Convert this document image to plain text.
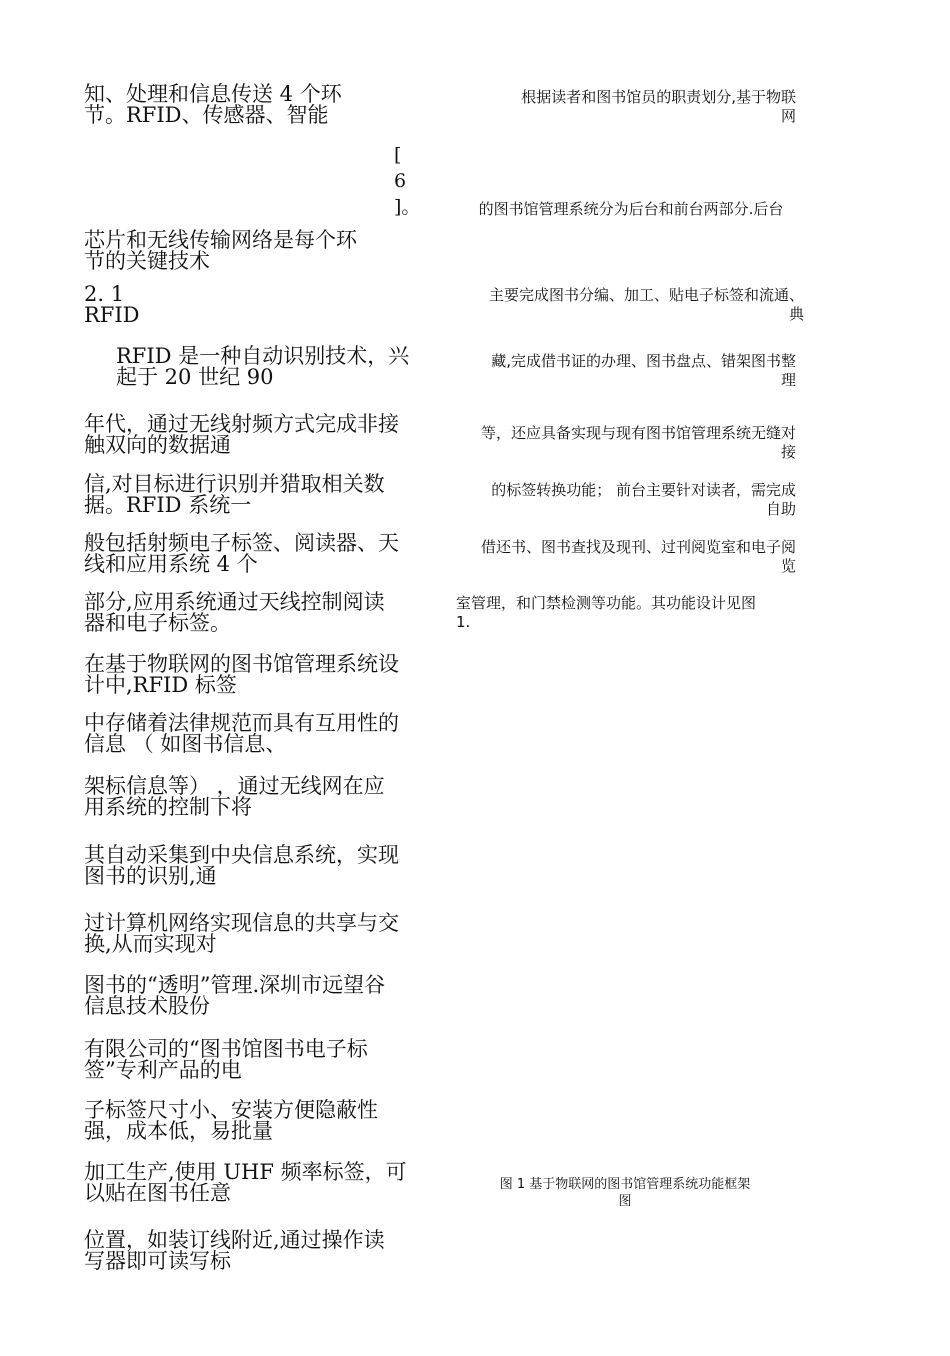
知、处理和信息传送 4 个环
节。RFID、传感器、智能
芯片和无线传输网络是每个环
节的关键技术
2. 1
RFID
RFID 是一种自动识别技术，兴
起于 20 世纪 90
年代，通过无线射频方式完成非接
触双向的数据通
信,对目标进行识别并猎取相关数
据。RFID 系统一
般包括射频电子标签、阅读器、天
线和应用系统 4 个
部分,应用系统通过天线控制阅读
器和电子标签。
在基于物联网的图书馆管理系统设
计中,RFID 标签
中存储着法律规范而具有互用性的
信息 （ 如图书信息、
架标信息等） ，通过无线网在应
用系统的控制下将
其自动采集到中央信息系统，实现
图书的识别,通
过计算机网络实现信息的共享与交
换,从而实现对
图书的“透明”管理.深圳市远望谷
信息技术股份
有限公司的“图书馆图书电子标
签”专利产品的电
子标签尺寸小、安装方便隐蔽性
强，成本低，易批量
加工生产,使用 UHF 频率标签，可
以贴在图书任意
位置，如装订线附近,通过操作读
写器即可读写标
[
6
]。
根据读者和图书馆员的职责划分,基于物联
网
的图书馆管理系统分为后台和前台两部分.后台
主要完成图书分编、加工、贴电子标签和流通、
典
藏,完成借书证的办理、图书盘点、错架图书整
理
等，还应具备实现与现有图书馆管理系统无缝对
接
的标签转换功能； 前台主要针对读者，需完成
自助
借还书、图书查找及现刊、过刊阅览室和电子阅
览
室管理，和门禁检测等功能。其功能设计见图
1.
图 1 基于物联网的图书馆管理系统功能框架
图
